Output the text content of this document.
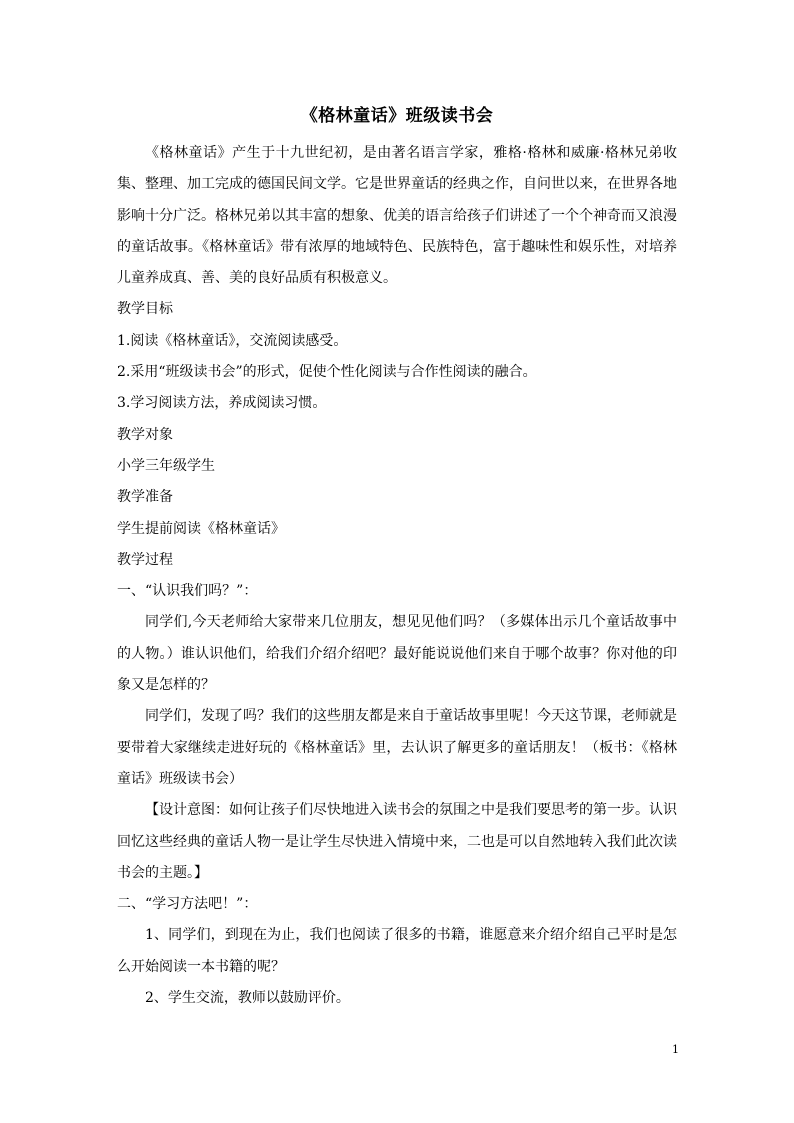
《格林童话》班级读书会

《格林童话》产生于十九世纪初，是由著名语言学家，雅格·格林和威廉·格林兄弟收集、整理、加工完成的德国民间文学。它是世界童话的经典之作，自问世以来，在世界各地影响十分广泛。格林兄弟以其丰富的想象、优美的语言给孩子们讲述了一个个神奇而又浪漫的童话故事。《格林童话》带有浓厚的地域特色、民族特色，富于趣味性和娱乐性，对培养儿童养成真、善、美的良好品质有积极意义。

教学目标

1.阅读《格林童话》，交流阅读感受。

2.采用“班级读书会”的形式，促使个性化阅读与合作性阅读的融合。

3.学习阅读方法，养成阅读习惯。

教学对象

小学三年级学生

教学准备

学生提前阅读《格林童话》

教学过程

一、“认识我们吗？”：

同学们,今天老师给大家带来几位朋友，想见见他们吗？（多媒体出示几个童话故事中的人物。）谁认识他们，给我们介绍介绍吧？最好能说说他们来自于哪个故事？你对他的印象又是怎样的？

同学们，发现了吗？我们的这些朋友都是来自于童话故事里呢！今天这节课，老师就是要带着大家继续走进好玩的《格林童话》里，去认识了解更多的童话朋友！（板书：《格林童话》班级读书会）

【设计意图：如何让孩子们尽快地进入读书会的氛围之中是我们要思考的第一步。认识回忆这些经典的童话人物一是让学生尽快进入情境中来，二也是可以自然地转入我们此次读书会的主题。】

二、“学习方法吧！”：

1、同学们，到现在为止，我们也阅读了很多的书籍，谁愿意来介绍介绍自己平时是怎么开始阅读一本书籍的呢？

2、学生交流，教师以鼓励评价。

1
